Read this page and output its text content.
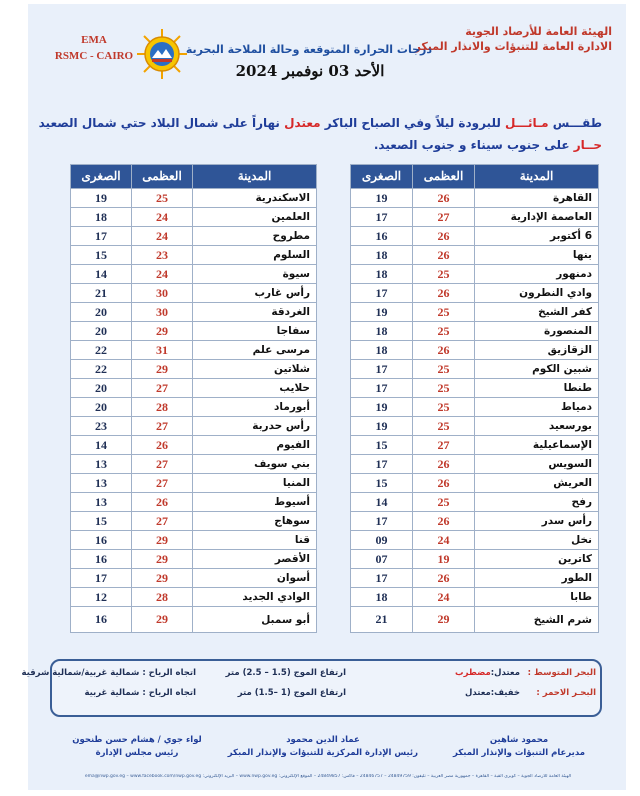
الهيئة العامة للأرصاد الجوية
الادارة العامة للتنبؤات والانذار المبكر
EMA
RSMC - CAIRO	درجات الحرارة المتوقعة وحالة الملاحة البحرية
الأحد 03 نوفمبر 2024
طقـــس مـائـــل للبرودة ليلاً وفي الصباح الباكر معتدل نهاراً على شمال البلاد حتي شمال الصعيد
حــار على جنوب سيناء و جنوب الصعيد.
المدينة	العظمى	الصغرى
القاهرة	26	19
العاصمة الإدارية	27	17
6 أكتوبر	26	16
بنها	26	18
دمنهور	25	18
وادي النطرون	26	17
كفر الشيخ	25	19
المنصورة	25	18
الزقازيق	26	18
شبين الكوم	25	17
طنطا	25	17
دمياط	25	19
بورسعيد	25	19
الإسماعيلية	27	15
السويس	26	17
العريش	26	15
رفح	25	14
رأس سدر	26	17
نخل	24	09
كاترين	19	07
الطور	26	17
طابا	24	18
شرم الشيخ	29	21
المدينة	العظمى	الصغرى
الاسكندرية	25	19
العلمين	24	18
مطروح	24	17
السلوم	23	15
سيوة	24	14
رأس غارب	30	21
الغردقة	30	20
سفاجا	29	20
مرسى علم	31	22
شلاتين	29	22
حلايب	27	20
أبورماد	28	20
رأس حدربة	27	23
الفيوم	26	14
بني سويف	27	13
المنيا	27	13
أسيوط	26	13
سوهاج	27	15
قنا	29	16
الأقصر	29	16
أسوان	29	17
الوادي الجديد	28	12
أبو سمبل	29	16
البحر المتوسط :
معتدل:مضطرب
ارتفاع الموج (1.5 – 2.5) متر
اتجاه الرياح : شمالية غربية/شمالية شرقية
البحـر الاحمر :
خفيف:معتدل
ارتفاع الموج (1 –1.5) متر
اتجاه الرياح : شمالية غربية
محمود شاهين
مديرعام التنبؤات والإنذار المبكر
عماد الدين محمود
رئيس الإدارة المركزية للتنبؤات والإنذار المبكر
لواء جوي / هشام حسن طنحون
رئيس مجلس الإدارة
الهيئة العامة للأرصاد الجوية – كوبري القبة – القاهرة – جمهورية مصر العربية – تليفون: 24849759 – 24846757 – فاكس: 24849857 – الموقع الإلكتروني: www.nwp.gov.eg – البريد الإلكتروني: ema@nwp.gov.eg – www.facebook.com/nwp.gov.eg
